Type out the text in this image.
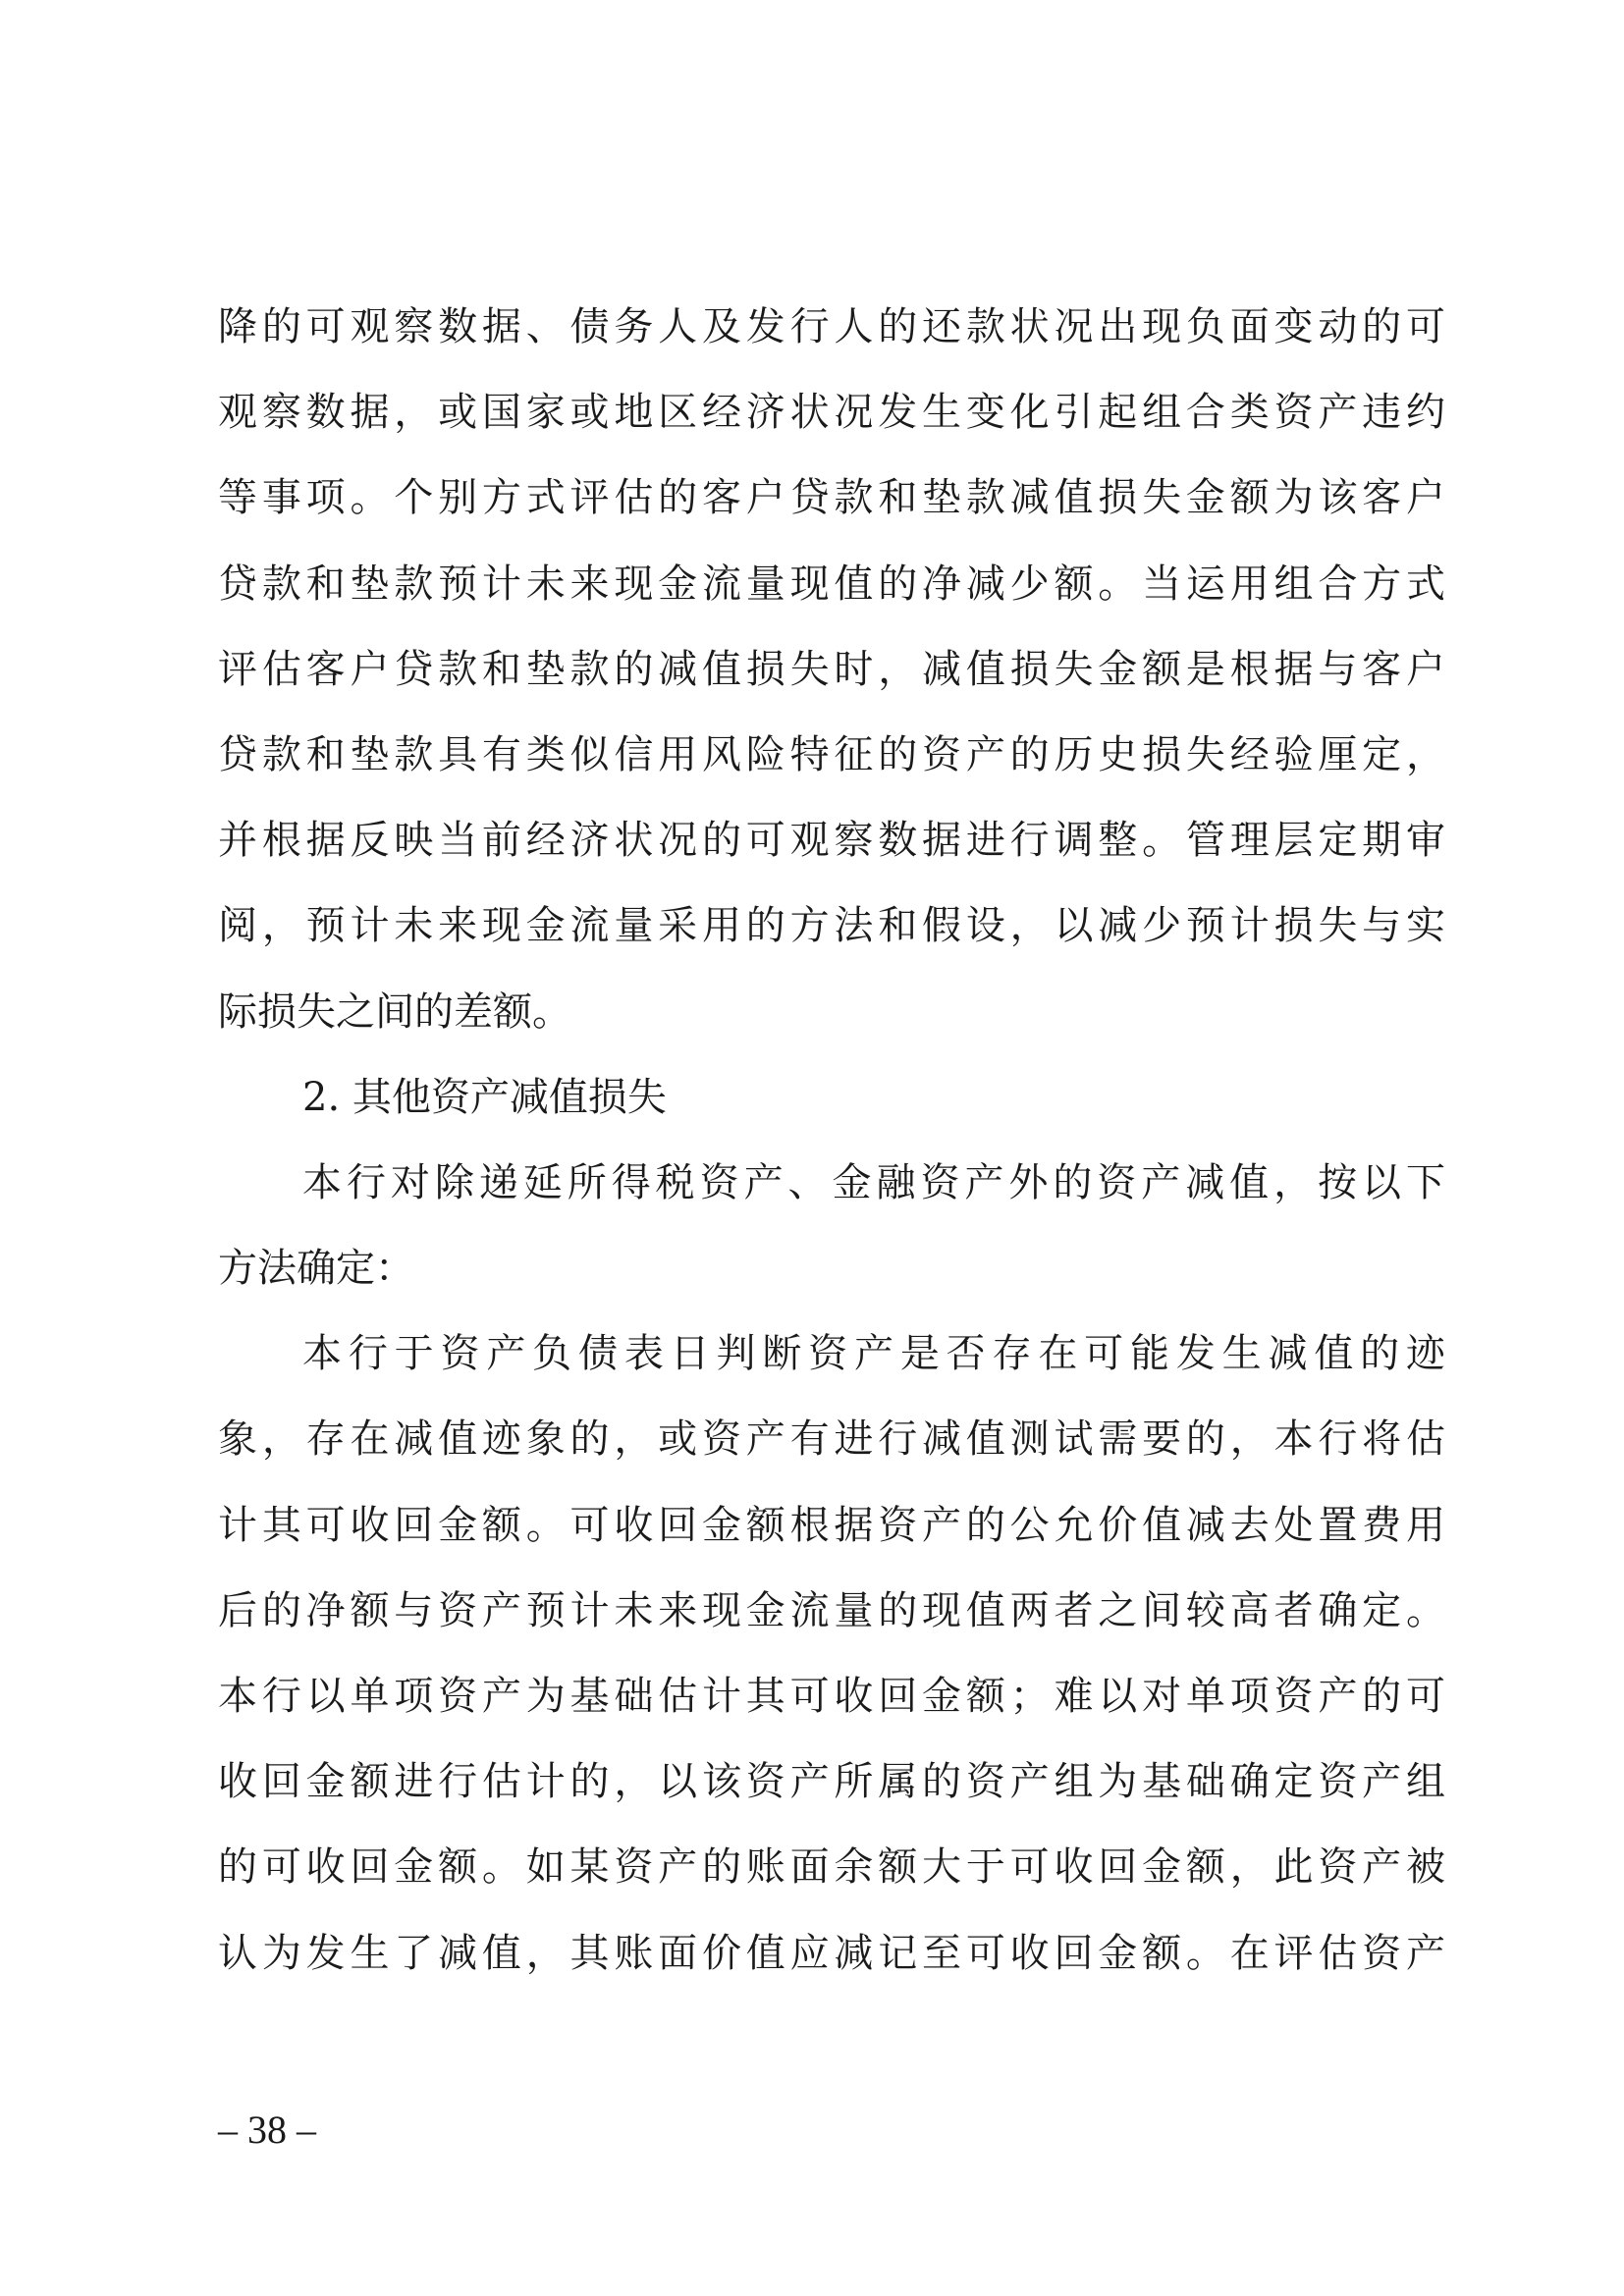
降的可观察数据、债务人及发行人的还款状况出现负面变动的可
观察数据，或国家或地区经济状况发生变化引起组合类资产违约
等事项。个别方式评估的客户贷款和垫款减值损失金额为该客户
贷款和垫款预计未来现金流量现值的净减少额。当运用组合方式
评估客户贷款和垫款的减值损失时，减值损失金额是根据与客户
贷款和垫款具有类似信用风险特征的资产的历史损失经验厘定，
并根据反映当前经济状况的可观察数据进行调整。管理层定期审
阅，预计未来现金流量采用的方法和假设，以减少预计损失与实
际损失之间的差额。
2. 其他资产减值损失
本行对除递延所得税资产、金融资产外的资产减值，按以下
方法确定：
本行于资产负债表日判断资产是否存在可能发生减值的迹
象，存在减值迹象的，或资产有进行减值测试需要的，本行将估
计其可收回金额。可收回金额根据资产的公允价值减去处置费用
后的净额与资产预计未来现金流量的现值两者之间较高者确定。
本行以单项资产为基础估计其可收回金额；难以对单项资产的可
收回金额进行估计的，以该资产所属的资产组为基础确定资产组
的可收回金额。如某资产的账面余额大于可收回金额，此资产被
认为发生了减值，其账面价值应减记至可收回金额。在评估资产
– 38 –
